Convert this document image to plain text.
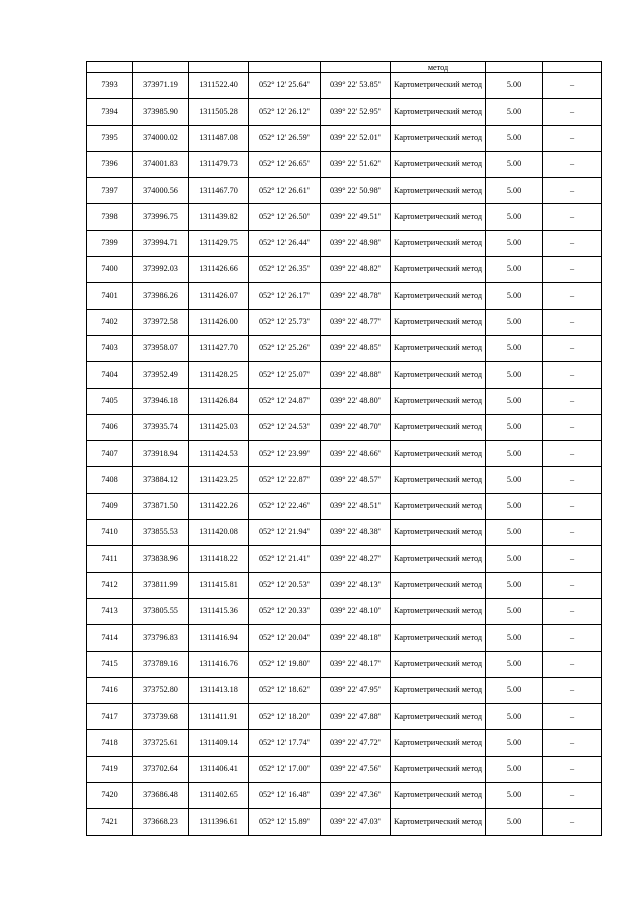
					метод		
7393	373971.19	1311522.40	052° 12' 25.64"	039° 22' 53.85"	Картометрический метод	5.00	–
7394	373985.90	1311505.28	052° 12' 26.12"	039° 22' 52.95"	Картометрический метод	5.00	–
7395	374000.02	1311487.08	052° 12' 26.59"	039° 22' 52.01"	Картометрический метод	5.00	–
7396	374001.83	1311479.73	052° 12' 26.65"	039° 22' 51.62"	Картометрический метод	5.00	–
7397	374000.56	1311467.70	052° 12' 26.61"	039° 22' 50.98"	Картометрический метод	5.00	–
7398	373996.75	1311439.82	052° 12' 26.50"	039° 22' 49.51"	Картометрический метод	5.00	–
7399	373994.71	1311429.75	052° 12' 26.44"	039° 22' 48.98"	Картометрический метод	5.00	–
7400	373992.03	1311426.66	052° 12' 26.35"	039° 22' 48.82"	Картометрический метод	5.00	–
7401	373986.26	1311426.07	052° 12' 26.17"	039° 22' 48.78"	Картометрический метод	5.00	–
7402	373972.58	1311426.00	052° 12' 25.73"	039° 22' 48.77"	Картометрический метод	5.00	–
7403	373958.07	1311427.70	052° 12' 25.26"	039° 22' 48.85"	Картометрический метод	5.00	–
7404	373952.49	1311428.25	052° 12' 25.07"	039° 22' 48.88"	Картометрический метод	5.00	–
7405	373946.18	1311426.84	052° 12' 24.87"	039° 22' 48.80"	Картометрический метод	5.00	–
7406	373935.74	1311425.03	052° 12' 24.53"	039° 22' 48.70"	Картометрический метод	5.00	–
7407	373918.94	1311424.53	052° 12' 23.99"	039° 22' 48.66"	Картометрический метод	5.00	–
7408	373884.12	1311423.25	052° 12' 22.87"	039° 22' 48.57"	Картометрический метод	5.00	–
7409	373871.50	1311422.26	052° 12' 22.46"	039° 22' 48.51"	Картометрический метод	5.00	–
7410	373855.53	1311420.08	052° 12' 21.94"	039° 22' 48.38"	Картометрический метод	5.00	–
7411	373838.96	1311418.22	052° 12' 21.41"	039° 22' 48.27"	Картометрический метод	5.00	–
7412	373811.99	1311415.81	052° 12' 20.53"	039° 22' 48.13"	Картометрический метод	5.00	–
7413	373805.55	1311415.36	052° 12' 20.33"	039° 22' 48.10"	Картометрический метод	5.00	–
7414	373796.83	1311416.94	052° 12' 20.04"	039° 22' 48.18"	Картометрический метод	5.00	–
7415	373789.16	1311416.76	052° 12' 19.80"	039° 22' 48.17"	Картометрический метод	5.00	–
7416	373752.80	1311413.18	052° 12' 18.62"	039° 22' 47.95"	Картометрический метод	5.00	–
7417	373739.68	1311411.91	052° 12' 18.20"	039° 22' 47.88"	Картометрический метод	5.00	–
7418	373725.61	1311409.14	052° 12' 17.74"	039° 22' 47.72"	Картометрический метод	5.00	–
7419	373702.64	1311406.41	052° 12' 17.00"	039° 22' 47.56"	Картометрический метод	5.00	–
7420	373686.48	1311402.65	052° 12' 16.48"	039° 22' 47.36"	Картометрический метод	5.00	–
7421	373668.23	1311396.61	052° 12' 15.89"	039° 22' 47.03"	Картометрический метод	5.00	–
